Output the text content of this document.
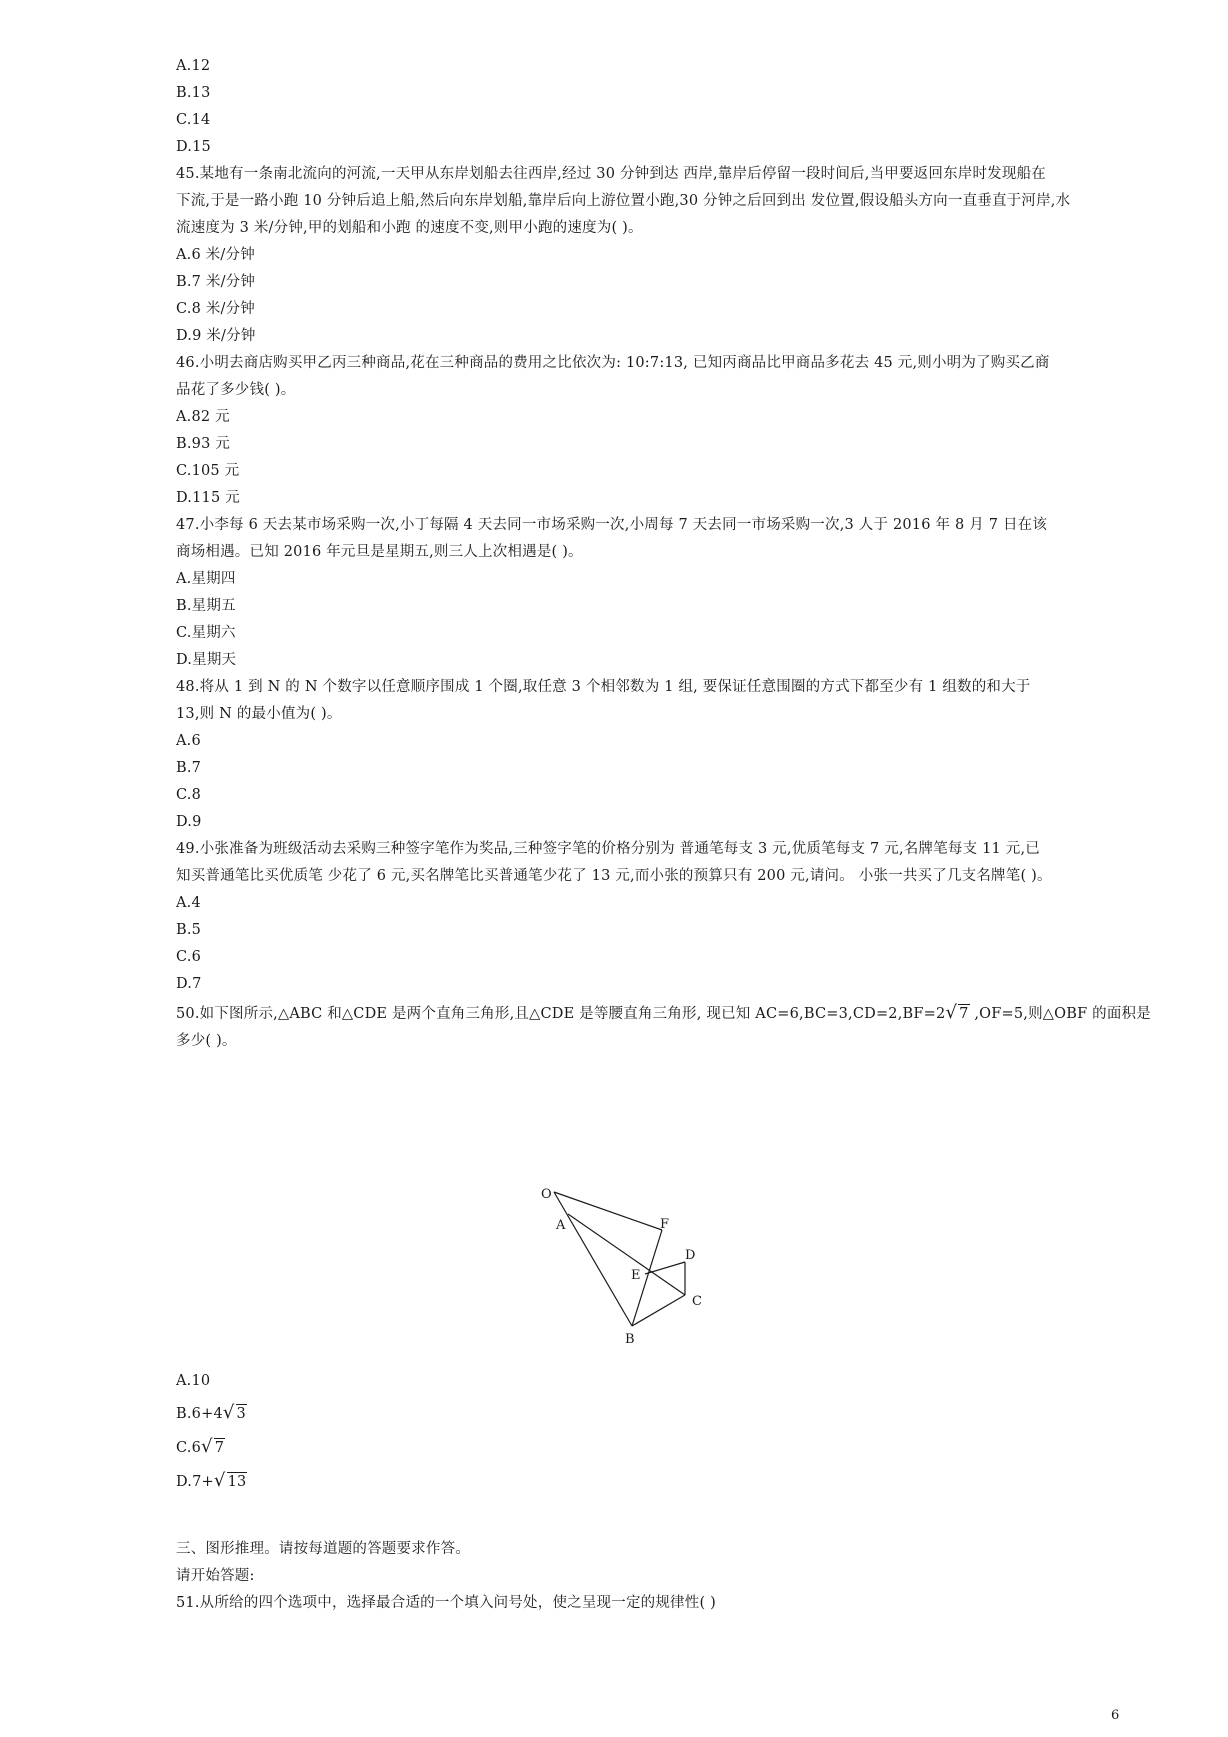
A.12
B.13
C.14
D.15
45.某地有一条南北流向的河流,一天甲从东岸划船去往西岸,经过 30 分钟到达 西岸,靠岸后停留一段时间后,当甲要返回东岸时发现船在
下流,于是一路小跑 10 分钟后追上船,然后向东岸划船,靠岸后向上游位置小跑,30 分钟之后回到出 发位置,假设船头方向一直垂直于河岸,水
流速度为 3 米/分钟,甲的划船和小跑 的速度不变,则甲小跑的速度为( )。
A.6 米/分钟
B.7 米/分钟
C.8 米/分钟
D.9 米/分钟
46.小明去商店购买甲乙丙三种商品,花在三种商品的费用之比依次为: 10:7:13, 已知丙商品比甲商品多花去 45 元,则小明为了购买乙商
品花了多少钱( )。
A.82 元
B.93 元
C.105 元
D.115 元
47.小李每 6 天去某市场采购一次,小丁每隔 4 天去同一市场采购一次,小周每 7 天去同一市场采购一次,3 人于 2016 年 8 月 7 日在该
商场相遇。已知 2016 年元旦是星期五,则三人上次相遇是( )。
A.星期四
B.星期五
C.星期六
D.星期天
48.将从 1 到 N 的 N 个数字以任意顺序围成 1 个圈,取任意 3 个相邻数为 1 组, 要保证任意围圈的方式下都至少有 1 组数的和大于
13,则 N 的最小值为( )。
A.6
B.7
C.8
D.9
49.小张准备为班级活动去采购三种签字笔作为奖品,三种签字笔的价格分别为 普通笔每支 3 元,优质笔每支 7 元,名牌笔每支 11 元,已
知买普通笔比买优质笔 少花了 6 元,买名牌笔比买普通笔少花了 13 元,而小张的预算只有 200 元,请问。 小张一共买了几支名牌笔( )。
A.4
B.5
C.6
D.7
50.如下图所示,△ABC 和△CDE 是两个直角三角形,且△CDE 是等腰直角三角形, 现已知 AC=6,BC=3,CD=2,BF=2√ 7 ,OF=5,则△OBF 的面积是
多少( )。
O
A	F
D
E
C
B
A.10
B.6+4√ 3
C.6√ 7
D.7+√ 13
三、图形推理。请按每道题的答题要求作答。
请开始答题:
51.从所给的四个选项中，选择最合适的一个填入问号处，使之呈现一定的规律性( )
6
